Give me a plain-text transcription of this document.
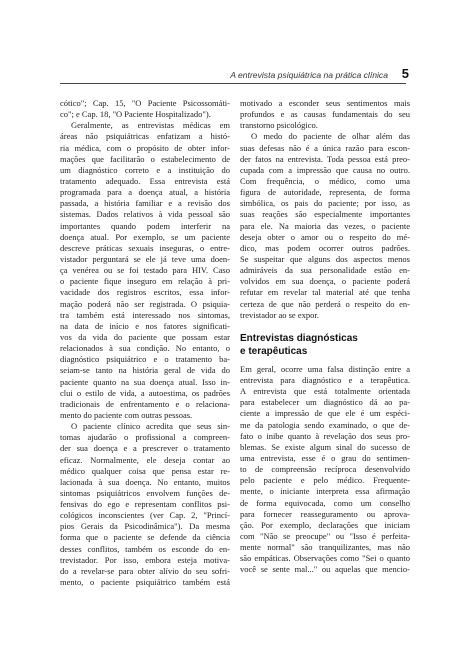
A entrevista psiquiátrica na prática clínica 5
cótico"; Cap. 15, "O Paciente Psicossomáti-
co"; e Cap. 18, "O Paciente Hospitalizado").
Geralmente, as entrevistas médicas em
áreas não psiquiátricas enfatizam a histó-
ria médica, com o propósito de obter infor-
mações que facilitarão o estabelecimento de
um diagnóstico correto e a instituição do
tratamento adequado. Essa entrevista está
programada para a doença atual, a história
passada, a história familiar e a revisão dos
sistemas. Dados relativos à vida pessoal são
importantes quando podem interferir na
doença atual. Por exemplo, se um paciente
descreve práticas sexuais inseguras, o entre-
vistador perguntará se ele já teve uma doen-
ça venérea ou se foi testado para HIV. Caso
o paciente fique inseguro em relação à pri-
vacidade dos registros escritos, essa infor-
mação poderá não ser registrada. O psiquia-
tra também está interessado nos sintomas,
na data de início e nos fatores significati-
vos da vida do paciente que possam estar
relacionados à sua condição. No entanto, o
diagnóstico psiquiátrico e o tratamento ba-
seiam-se tanto na história geral de vida do
paciente quanto na sua doença atual. Isso in-
clui o estilo de vida, a autoestima, os padrões
tradicionais de enfrentamento e o relaciona-
mento do paciente com outras pessoas.
O paciente clínico acredita que seus sin-
tomas ajudarão o profissional a compreen-
der sua doença e a prescrever o tratamento
eficaz. Normalmente, ele deseja contar ao
médico qualquer coisa que pensa estar re-
lacionada à sua doença. No entanto, muitos
sintomas psiquiátricos envolvem funções de-
fensivas do ego e representam conflitos psi-
cológicos inconscientes (ver Cap. 2, "Princí-
pios Gerais da Psicodinâmica"). Da mesma
forma que o paciente se defende da ciência
desses conflitos, também os esconde do en-
trevistador. Por isso, embora esteja motiva-
do a revelar-se para obter alívio do seu sofri-
mento, o paciente psiquiátrico também está
motivado a esconder seus sentimentos mais
profundos e as causas fundamentais do seu
transtorno psicológico.
O medo do paciente de olhar além das
suas defesas não é a única razão para escon-
der fatos na entrevista. Toda pessoa está preo-
cupada com a impressão que causa no outro.
Com frequência, o médico, como uma
figura de autoridade, representa, de forma
simbólica, os pais do paciente; por isso, as
suas reações são especialmente importantes
para ele. Na maioria das vezes, o paciente
deseja obter o amor ou o respeito do mé-
dico, mas podem ocorrer outros padrões.
Se suspeitar que alguns dos aspectos menos
admiráveis da sua personalidade estão en-
volvidos em sua doença, o paciente poderá
refutar em revelar tal material até que tenha
certeza de que não perderá o respeito do en-
trevistador ao se expor.
Entrevistas diagnósticas
e terapêuticas
Em geral, ocorre uma falsa distinção entre a
entrevista para diagnóstico e a terapêutica.
A entrevista que está totalmente orientada
para estabelecer um diagnóstico dá ao pa-
ciente a impressão de que ele é um espéci-
me da patologia sendo examinado, o que de-
fato o inibe quanto à revelação dos seus pro-
blemas. Se existe algum sinal do sucesso de
uma entrevista, esse é o grau do sentimen-
to de compreensão recíproca desenvolvido
pelo paciente e pelo médico. Frequente-
mente, o iniciante interpreta essa afirmação
de forma equivocada, como um conselho
para fornecer reasseguramento ou aprova-
ção. Por exemplo, declarações que iniciam
com "Não se preocupe" ou "Isso é perfeita-
mente normal" são tranquilizantes, mas não
são empáticas. Observações como "Sei o quanto
você se sente mal..." ou aquelas que mencio-
